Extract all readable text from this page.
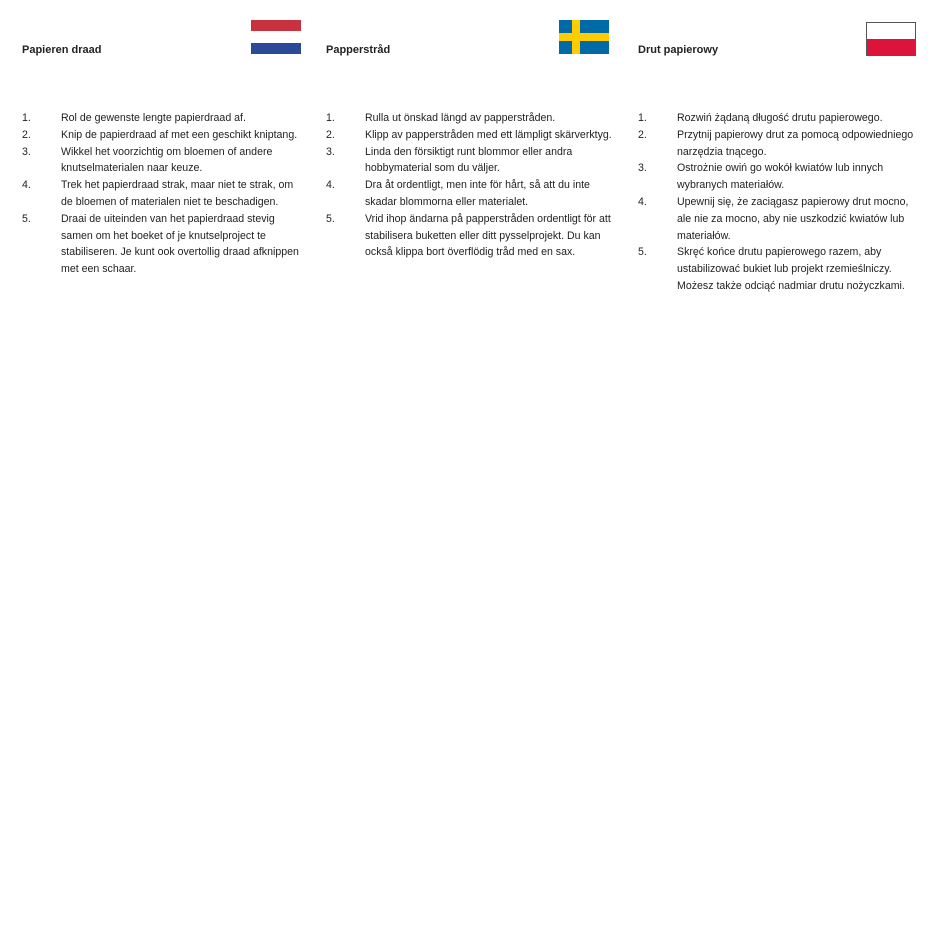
Papieren draad
1.	Rol de gewenste lengte papierdraad af.
2.	Knip de papierdraad af met een geschikt kniptang.
3.	Wikkel het voorzichtig om bloemen of andere knutselmaterialen naar keuze.
4.	Trek het papierdraad strak, maar niet te strak, om de bloemen of materialen niet te beschadigen.
5.	Draai de uiteinden van het papierdraad stevig samen om het boeket of je knutselproject te stabiliseren. Je kunt ook overtollig draad afknippen met een schaar.
Papperstråd
1.	Rulla ut önskad längd av papperstråden.
2.	Klipp av papperstråden med ett lämpligt skärverktyg.
3.	Linda den försiktigt runt blommor eller andra hobbymaterial som du väljer.
4.	Dra åt ordentligt, men inte för hårt, så att du inte skadar blommorna eller materialet.
5.	Vrid ihop ändarna på papperstråden ordentligt för att stabilisera buketten eller ditt pysselprojekt. Du kan också klippa bort överflödig tråd med en sax.
Drut papierowy
1.	Rozwiń żądaną długość drutu papierowego.
2.	Przytnij papierowy drut za pomocą odpowiedniego narzędzia tnącego.
3.	Ostrożnie owiń go wokół kwiatów lub innych wybranych materiałów.
4.	Upewnij się, że zaciągasz papierowy drut mocno, ale nie za mocno, aby nie uszkodzić kwiatów lub materiałów.
5.	Skręć końce drutu papierowego razem, aby ustabilizować bukiet lub projekt rzemieślniczy. Możesz także odciąć nadmiar drutu nożyczkami.
